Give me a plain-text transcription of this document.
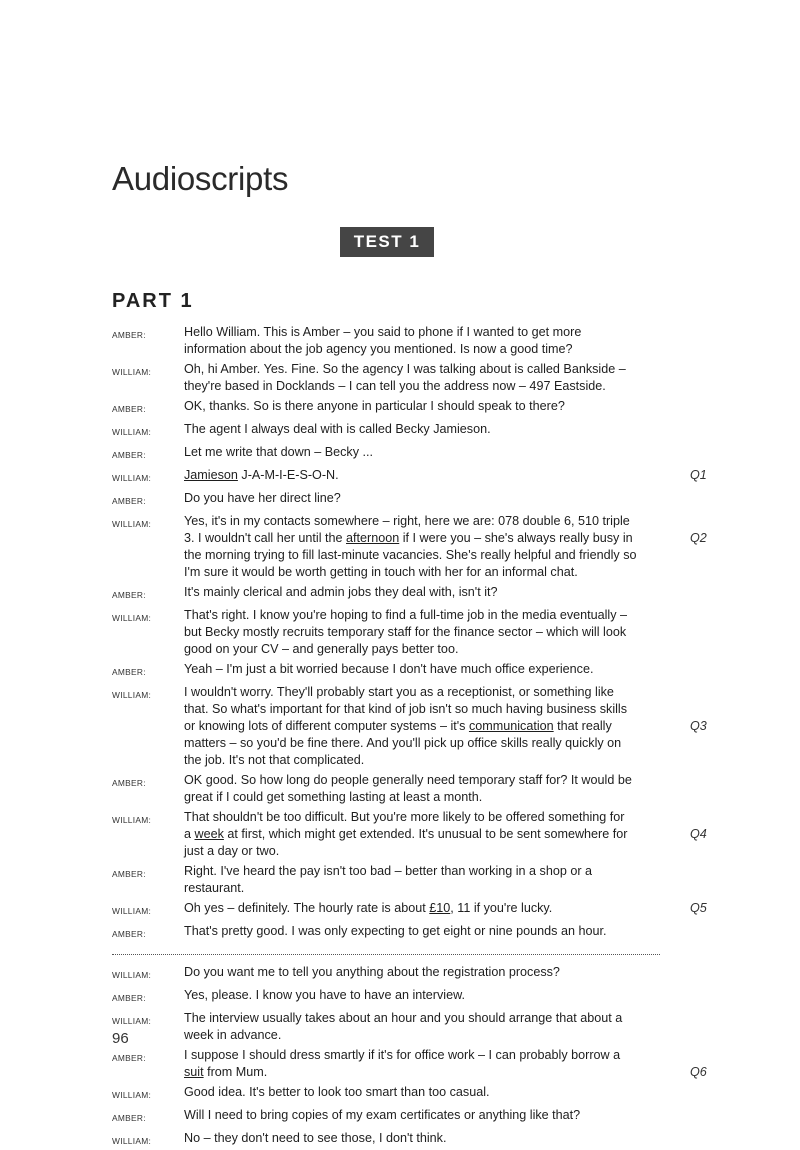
Audioscripts
TEST 1
PART 1
AMBER:	Hello William. This is Amber – you said to phone if I wanted to get more
information about the job agency you mentioned. Is now a good time?
WILLIAM:	Oh, hi Amber. Yes. Fine. So the agency I was talking about is called Bankside –
they're based in Docklands – I can tell you the address now – 497 Eastside.
AMBER:	OK, thanks. So is there anyone in particular I should speak to there?
WILLIAM:	The agent I always deal with is called Becky Jamieson.
AMBER:	Let me write that down – Becky ...
WILLIAM:	Jamieson J-A-M-I-E-S-O-N.	Q1
AMBER:	Do you have her direct line?
WILLIAM:	Yes, it's in my contacts somewhere – right, here we are: 078 double 6, 510 triple
3. I wouldn't call her until the afternoon if I were you – she's always really busy in
the morning trying to fill last-minute vacancies. She's really helpful and friendly so
I'm sure it would be worth getting in touch with her for an informal chat.
Q2
AMBER:	It's mainly clerical and admin jobs they deal with, isn't it?
WILLIAM:	That's right. I know you're hoping to find a full-time job in the media eventually –
but Becky mostly recruits temporary staff for the finance sector – which will look
good on your CV – and generally pays better too.
AMBER:	Yeah – I'm just a bit worried because I don't have much office experience.
WILLIAM:	I wouldn't worry. They'll probably start you as a receptionist, or something like
that. So what's important for that kind of job isn't so much having business skills
or knowing lots of different computer systems – it's communication that really
matters – so you'd be fine there. And you'll pick up office skills really quickly on
the job. It's not that complicated.
Q3
AMBER:	OK good. So how long do people generally need temporary staff for? It would be
great if I could get something lasting at least a month.
WILLIAM:	That shouldn't be too difficult. But you're more likely to be offered something for
a week at first, which might get extended. It's unusual to be sent somewhere for
just a day or two.
Q4
AMBER:	Right. I've heard the pay isn't too bad – better than working in a shop or a
restaurant.
WILLIAM:	Oh yes – definitely. The hourly rate is about £10, 11 if you're lucky.	Q5
AMBER:	That's pretty good. I was only expecting to get eight or nine pounds an hour.
WILLIAM:	Do you want me to tell you anything about the registration process?
AMBER:	Yes, please. I know you have to have an interview.
WILLIAM:	The interview usually takes about an hour and you should arrange that about a
week in advance.
AMBER:	I suppose I should dress smartly if it's for office work – I can probably borrow a
suit from Mum.	Q6
WILLIAM:	Good idea. It's better to look too smart than too casual.
AMBER:	Will I need to bring copies of my exam certificates or anything like that?
WILLIAM:	No – they don't need to see those, I don't think.
96
